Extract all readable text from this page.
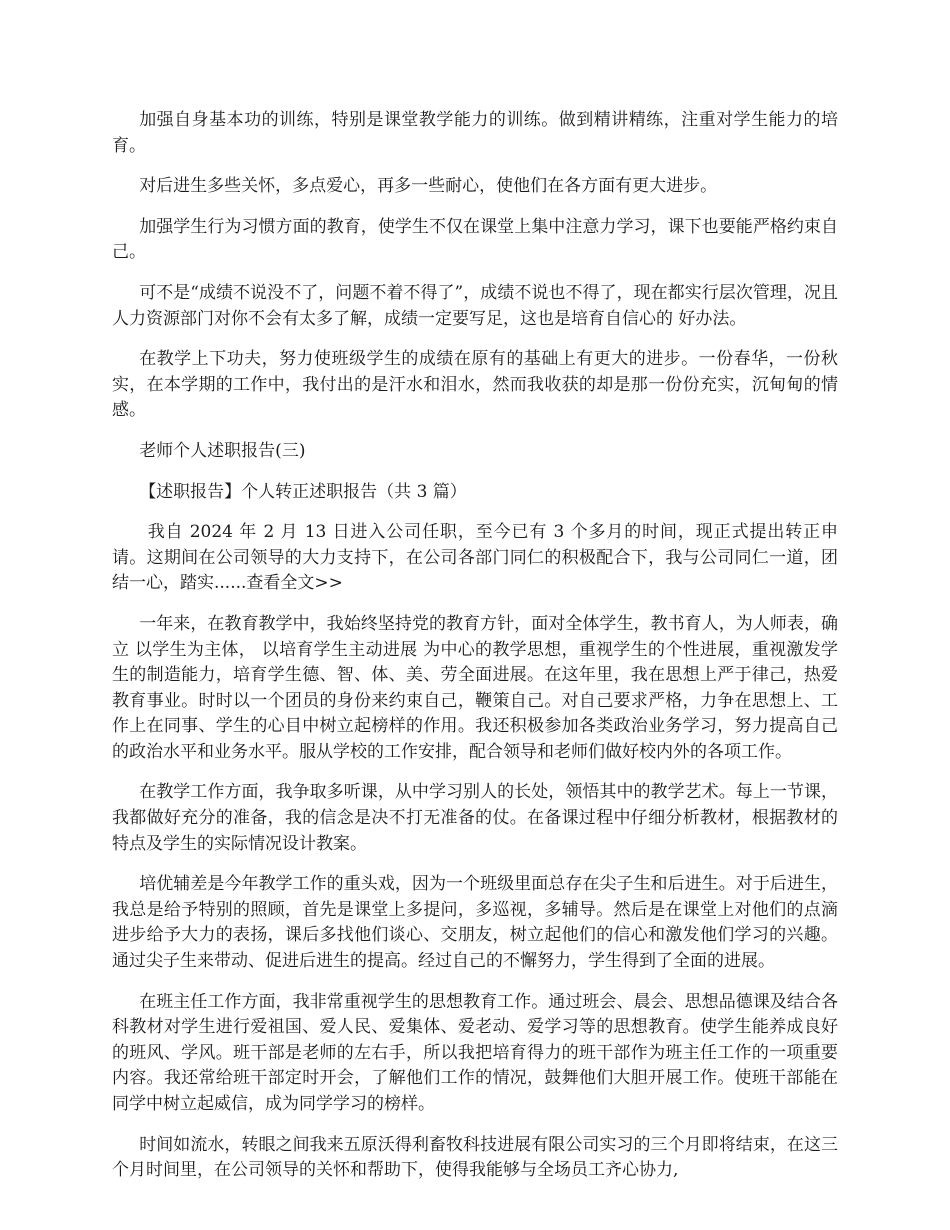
加强自身基本功的训练，特别是课堂教学能力的训练。做到精讲精练，注重对学生能力的培育。

对后进生多些关怀，多点爱心，再多一些耐心，使他们在各方面有更大进步。

加强学生行为习惯方面的教育，使学生不仅在课堂上集中注意力学习，课下也要能严格约束自己。

可不是“成绩不说没不了，问题不着不得了”，成绩不说也不得了，现在都实行层次管理，况且人力资源部门对你不会有太多了解，成绩一定要写足，这也是培育自信心的 好办法。

在教学上下功夫，努力使班级学生的成绩在原有的基础上有更大的进步。一份春华，一份秋实，在本学期的工作中，我付出的是汗水和泪水，然而我收获的却是那一份份充实，沉甸甸的情感。

老师个人述职报告(三)

【述职报告】个人转正述职报告（共 3 篇）

我自 2024 年 2 月 13 日进入公司任职，至今已有 3 个多月的时间，现正式提出转正申请。这期间在公司领导的大力支持下，在公司各部门同仁的积极配合下，我与公司同仁一道，团结一心，踏实......查看全文>>

一年来，在教育教学中，我始终坚持党的教育方针，面对全体学生，教书育人，为人师表，确立 以学生为主体， 以培育学生主动进展 为中心的教学思想，重视学生的个性进展，重视激发学生的制造能力，培育学生德、智、体、美、劳全面进展。在这年里，我在思想上严于律己，热爱教育事业。时时以一个团员的身份来约束自己，鞭策自己。对自己要求严格，力争在思想上、工作上在同事、学生的心目中树立起榜样的作用。我还积极参加各类政治业务学习，努力提高自己的政治水平和业务水平。服从学校的工作安排，配合领导和老师们做好校内外的各项工作。

在教学工作方面，我争取多听课，从中学习别人的长处，领悟其中的教学艺术。每上一节课，我都做好充分的准备，我的信念是决不打无准备的仗。在备课过程中仔细分析教材，根据教材的特点及学生的实际情况设计教案。

培优辅差是今年教学工作的重头戏，因为一个班级里面总存在尖子生和后进生。对于后进生，我总是给予特别的照顾，首先是课堂上多提问，多巡视，多辅导。然后是在课堂上对他们的点滴进步给予大力的表扬，课后多找他们谈心、交朋友，树立起他们的信心和激发他们学习的兴趣。通过尖子生来带动、促进后进生的提高。经过自己的不懈努力，学生得到了全面的进展。

在班主任工作方面，我非常重视学生的思想教育工作。通过班会、晨会、思想品德课及结合各科教材对学生进行爱祖国、爱人民、爱集体、爱老动、爱学习等的思想教育。使学生能养成良好的班风、学风。班干部是老师的左右手，所以我把培育得力的班干部作为班主任工作的一项重要内容。我还常给班干部定时开会，了解他们工作的情况，鼓舞他们大胆开展工作。使班干部能在同学中树立起威信，成为同学学习的榜样。

时间如流水，转眼之间我来五原沃得利畜牧科技进展有限公司实习的三个月即将结束，在这三个月时间里，在公司领导的关怀和帮助下，使得我能够与全场员工齐心协力,
